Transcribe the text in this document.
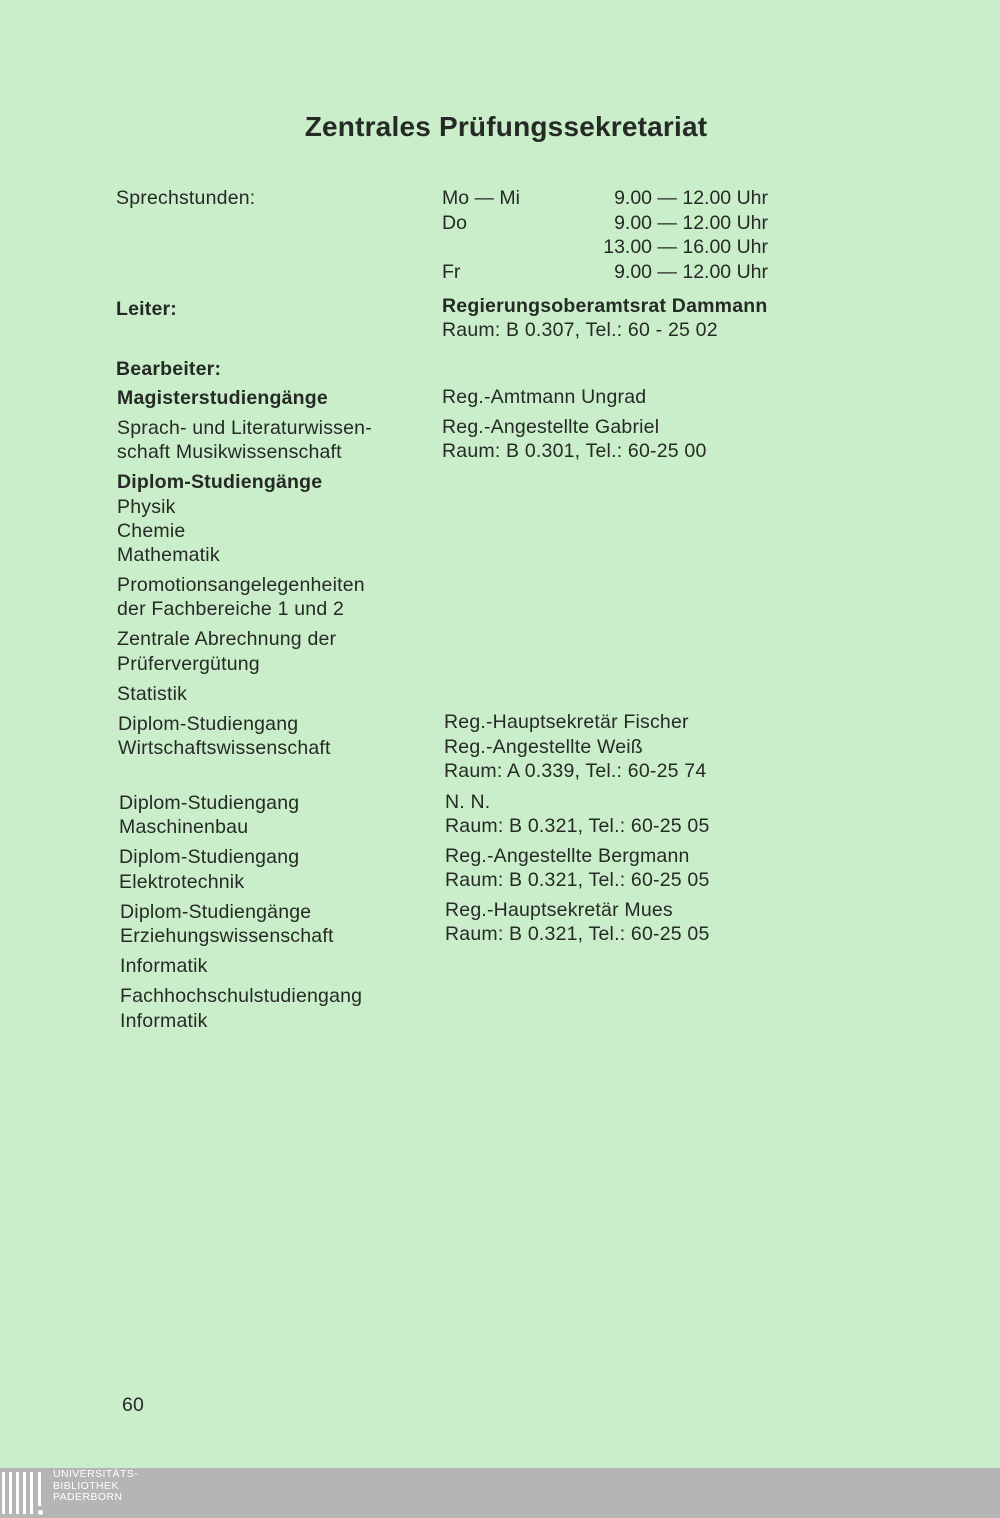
Zentrales Prüfungssekretariat
Sprechstunden:	Mo — Mi
Do
Fr
9.00 — 12.00 Uhr
9.00 — 12.00 Uhr
13.00 — 16.00 Uhr
9.00 — 12.00 Uhr
Leiter:	Regierungsoberamtsrat Dammann
Raum: B 0.307, Tel.: 60 - 25 02
Bearbeiter:
Magisterstudiengänge
Sprach- und Literaturwissen-
schaft Musikwissenschaft
Diplom-Studiengänge
Physik
Chemie
Mathematik
Promotionsangelegenheiten
der Fachbereiche 1 und 2
Zentrale Abrechnung der
Prüfervergütung
Statistik
Diplom-Studiengang
Wirtschaftswissenschaft
Diplom-Studiengang
Maschinenbau
Diplom-Studiengang
Elektrotechnik
Diplom-Studiengänge
Erziehungswissenschaft
Informatik
Fachhochschulstudiengang
Informatik
Reg.-Amtmann Ungrad
Reg.-Angestellte Gabriel
Raum: B 0.301, Tel.: 60-25 00
Reg.-Hauptsekretär Fischer
Reg.-Angestellte Weiß
Raum: A 0.339, Tel.: 60-25 74
N. N.
Raum: B 0.321, Tel.: 60-25 05
Reg.-Angestellte Bergmann
Raum: B 0.321, Tel.: 60-25 05
Reg.-Hauptsekretär Mues
Raum: B 0.321, Tel.: 60-25 05
60
UNIVERSITÄTS-
BIBLIOTHEK
PADERBORN
